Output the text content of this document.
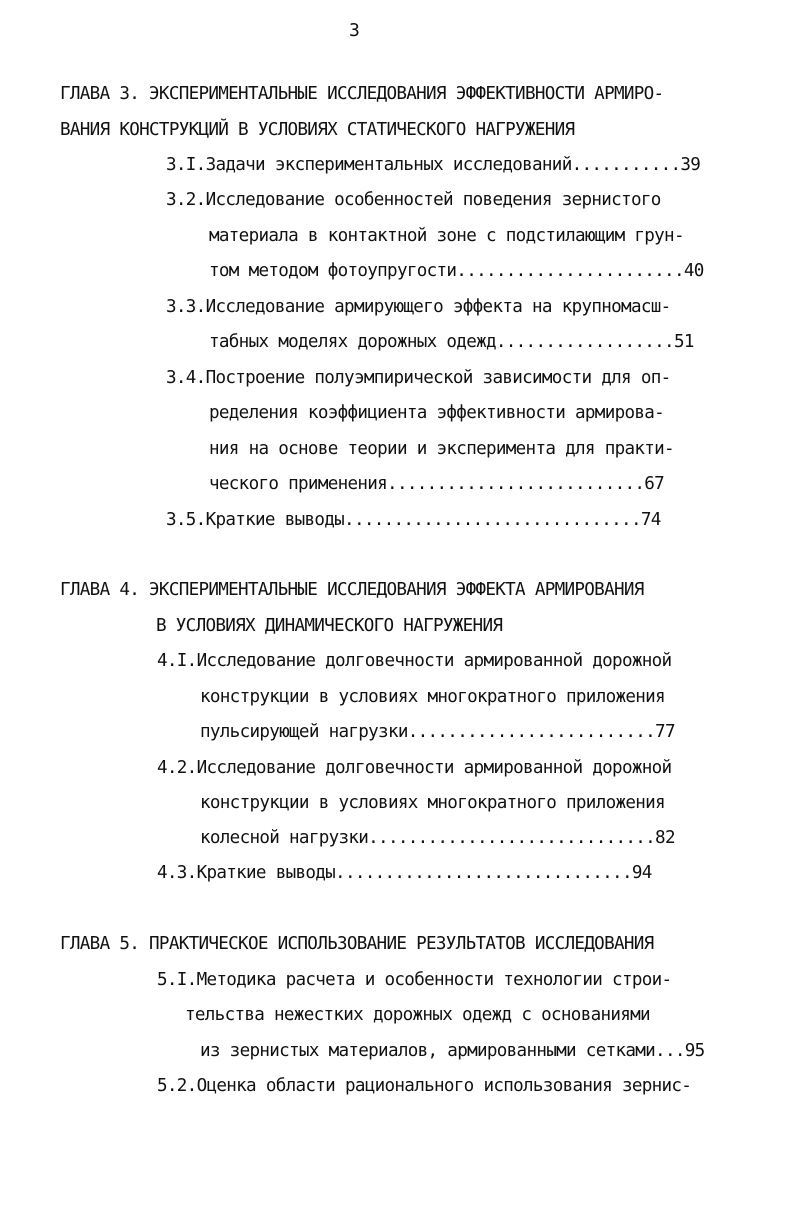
3
ГЛАВА 3. ЭКСПЕРИМЕНТАЛЬНЫЕ ИССЛЕДОВАНИЯ ЭФФЕКТИВНОСТИ АРМИРО-
ВАНИЯ КОНСТРУКЦИЙ В УСЛОВИЯХ СТАТИЧЕСКОГО НАГРУЖЕНИЯ
3.I.Задачи экспериментальных исследований...........39
3.2.Исследование особенностей поведения зернистого
материала в контактной зоне с подстилающим грун-
том методом фотоупругости.......................40
3.3.Исследование армирующего эффекта на крупномасш-
табных моделях дорожных одежд..................51
3.4.Построение полуэмпирической зависимости для оп-
ределения коэффициента эффективности армирова-
ния на основе теории и эксперимента для практи-
ческого применения..........................67
3.5.Краткие выводы..............................74
ГЛАВА 4. ЭКСПЕРИМЕНТАЛЬНЫЕ ИССЛЕДОВАНИЯ ЭФФЕКТА АРМИРОВАНИЯ
В УСЛОВИЯХ ДИНАМИЧЕСКОГО НАГРУЖЕНИЯ
4.I.Исследование долговечности армированной дорожной
конструкции в условиях многократного приложения
пульсирующей нагрузки.........................77
4.2.Исследование долговечности армированной дорожной
конструкции в условиях многократного приложения
колесной нагрузки.............................82
4.3.Краткие выводы..............................94
ГЛАВА 5. ПРАКТИЧЕСКОЕ ИСПОЛЬЗОВАНИЕ РЕЗУЛЬТАТОВ ИССЛЕДОВАНИЯ
5.I.Методика расчета и особенности технологии строи-
тельства нежестких дорожных одежд с основаниями
из зернистых материалов, армированными сетками...95
5.2.Оценка области рационального использования зернис-
